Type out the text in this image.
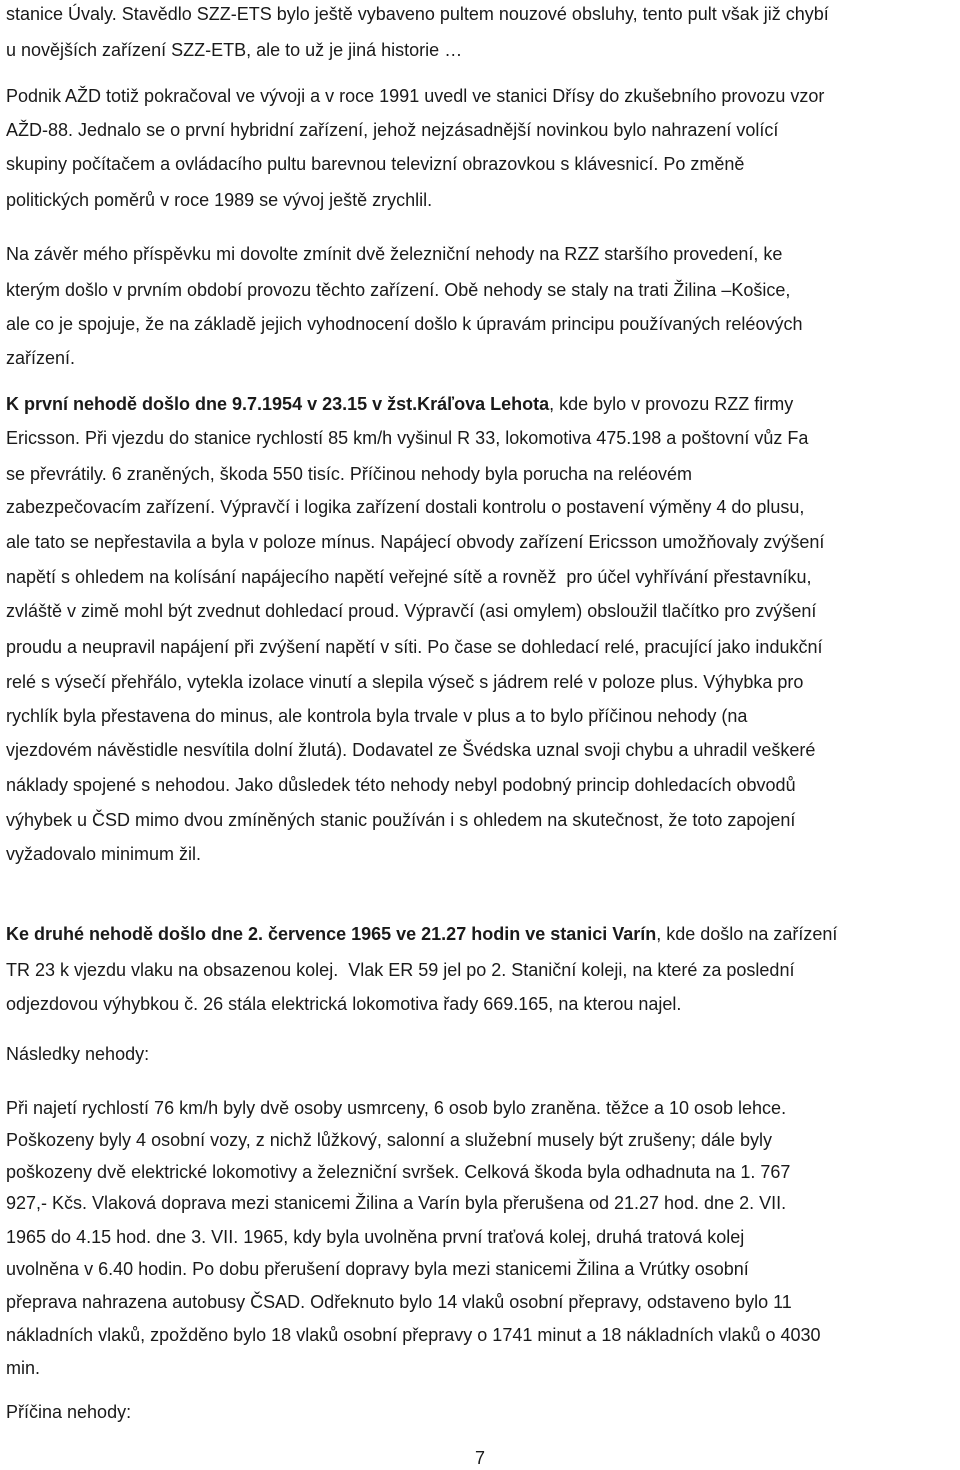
stanice Úvaly. Stavědlo SZZ-ETS bylo ještě vybaveno pultem nouzové obsluhy, tento pult však již chybí
u novějších zařízení SZZ-ETB, ale to už je jiná historie …
Podnik AŽD totiž pokračoval ve vývoji a v roce 1991 uvedl ve stanici Dřísy do zkušebního provozu vzor
AŽD-88. Jednalo se o první hybridní zařízení, jehož nejzásadnější novinkou bylo nahrazení volící
skupiny počítačem a ovládacího pultu barevnou televizní obrazovkou s klávesnicí. Po změně
politických poměrů v roce 1989 se vývoj ještě zrychlil.
Na závěr mého příspěvku mi dovolte zmínit dvě železniční nehody na RZZ staršího provedení, ke
kterým došlo v prvním období provozu těchto zařízení. Obě nehody se staly na trati Žilina –Košice,
ale co je spojuje, že na základě jejich vyhodnocení došlo k úpravám principu používaných reléových
zařízení.
K první nehodě došlo dne 9.7.1954 v 23.15 v žst.Kráľova Lehota, kde bylo v provozu RZZ firmy
Ericsson. Při vjezdu do stanice rychlostí 85 km/h vyšinul R 33, lokomotiva 475.198 a poštovní vůz Fa
se převrátily. 6 zraněných, škoda 550 tisíc. Příčinou nehody byla porucha na reléovém
zabezpečovacím zařízení. Výpravčí i logika zařízení dostali kontrolu o postavení výměny 4 do plusu,
ale tato se nepřestavila a byla v poloze mínus. Napájecí obvody zařízení Ericsson umožňovaly zvýšení
napětí s ohledem na kolísání napájecího napětí veřejné sítě a rovněž  pro účel vyhřívání přestavníku,
zvláště v zimě mohl být zvednut dohledací proud. Výpravčí (asi omylem) obsloužil tlačítko pro zvýšení
proudu a neupravil napájení při zvýšení napětí v síti. Po čase se dohledací relé, pracující jako indukční
relé s výsečí přehřálo, vytekla izolace vinutí a slepila výseč s jádrem relé v poloze plus. Výhybka pro
rychlík byla přestavena do minus, ale kontrola byla trvale v plus a to bylo příčinou nehody (na
vjezdovém návěstidle nesvítila dolní žlutá). Dodavatel ze Švédska uznal svoji chybu a uhradil veškeré
náklady spojené s nehodou. Jako důsledek této nehody nebyl podobný princip dohledacích obvodů
výhybek u ČSD mimo dvou zmíněných stanic používán i s ohledem na skutečnost, že toto zapojení
vyžadovalo minimum žil.
Ke druhé nehodě došlo dne 2. července 1965 ve 21.27 hodin ve stanici Varín, kde došlo na zařízení
TR 23 k vjezdu vlaku na obsazenou kolej.  Vlak ER 59 jel po 2. Staniční koleji, na které za poslední
odjezdovou výhybkou č. 26 stála elektrická lokomotiva řady 669.165, na kterou najel.
Následky nehody:
Při najetí rychlostí 76 km/h byly dvě osoby usmrceny, 6 osob bylo zraněna. těžce a 10 osob lehce.
Poškozeny byly 4 osobní vozy, z nichž lůžkový, salonní a služební musely být zrušeny; dále byly
poškozeny dvě elektrické lokomotivy a železniční svršek. Celková škoda byla odhadnuta na 1. 767
927,- Kčs. Vlaková doprava mezi stanicemi Žilina a Varín byla přerušena od 21.27 hod. dne 2. VII.
1965 do 4.15 hod. dne 3. VII. 1965, kdy byla uvolněna první traťová kolej, druhá tratová kolej
uvolněna v 6.40 hodin. Po dobu přerušení dopravy byla mezi stanicemi Žilina a Vrútky osobní
přeprava nahrazena autobusy ČSAD. Odřeknuto bylo 14 vlaků osobní přepravy, odstaveno bylo 11
nákladních vlaků, zpožděno bylo 18 vlaků osobní přepravy o 1741 minut a 18 nákladních vlaků o 4030
min.
Příčina nehody:
7
